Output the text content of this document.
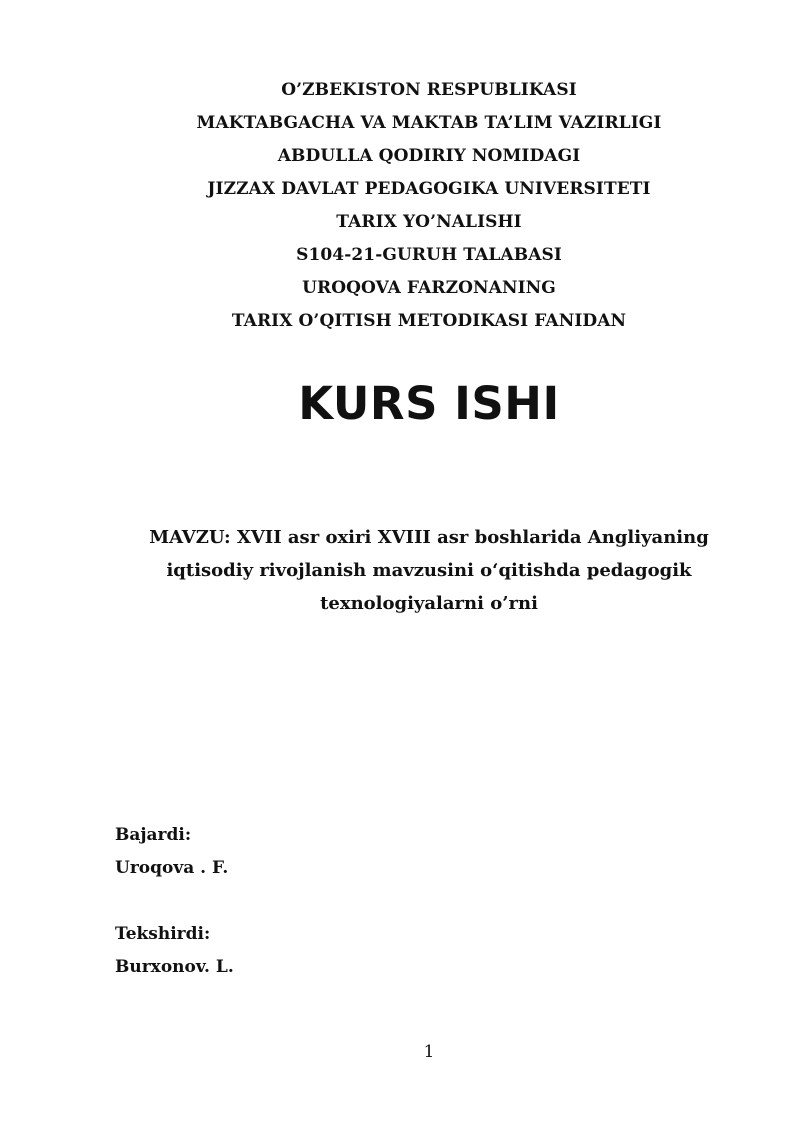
O’ZBEKISTON RESPUBLIKASI
MAKTABGACHA VA MAKTAB TA’LIM VAZIRLIGI
ABDULLA QODIRIY NOMIDAGI
JIZZAX DAVLAT PEDAGOGIKA UNIVERSITETI
TARIX YO’NALISHI
S104-21-GURUH TALABASI
UROQOVA FARZONANING
TARIX O’QITISH METODIKASI FANIDAN
KURS ISHI
MAVZU: XVII asr oxiri XVIII asr boshlarida Angliyaning
iqtisodiy rivojlanish mavzusini o‘qitishda pedagogik
texnologiyalarni o’rni
Bajardi:
Uroqova . F.
Tekshirdi:
Burxonov. L.
1
